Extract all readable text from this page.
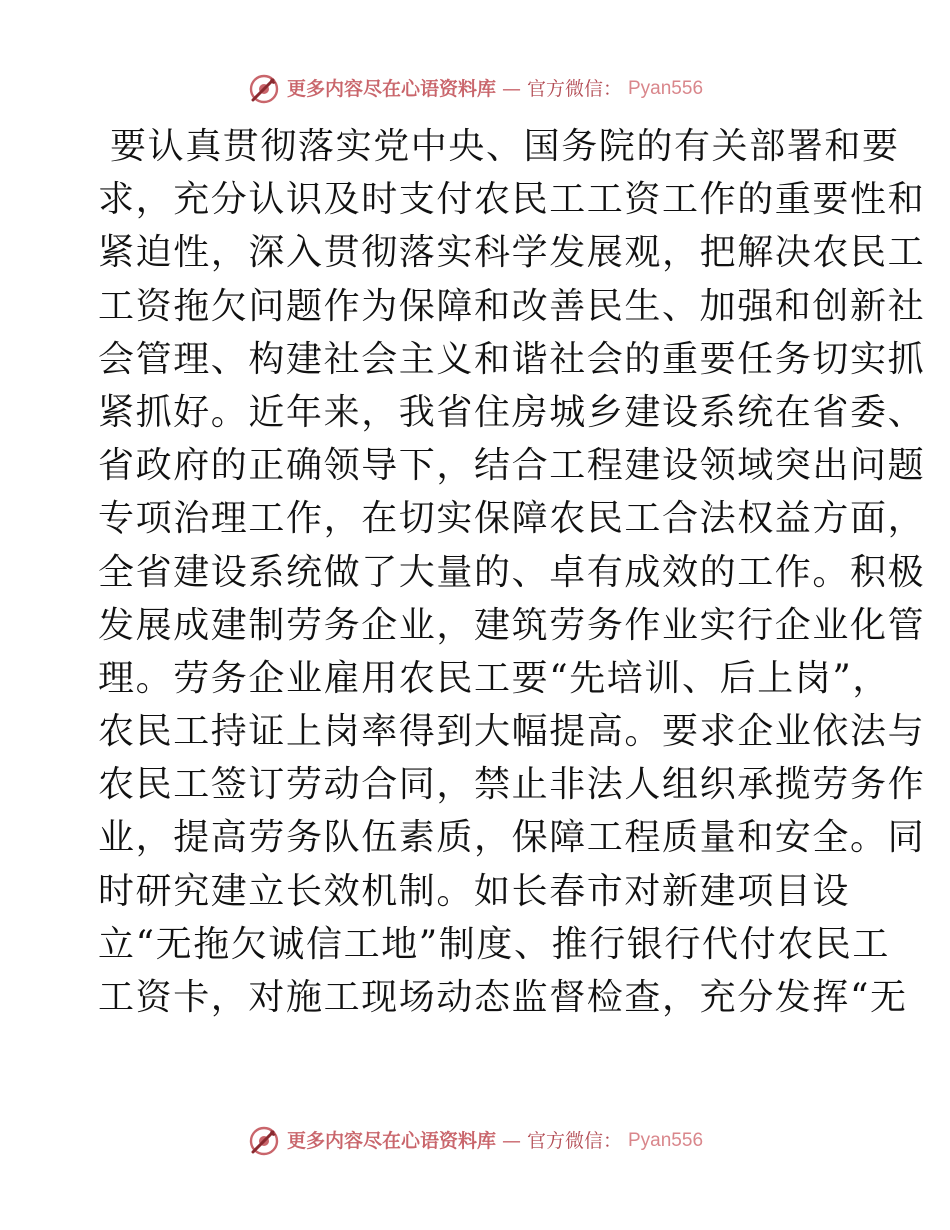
更多内容尽在心语资料库 — 官方微信： Pyan556
要认真贯彻落实党中央、国务院的有关部署和要
求，充分认识及时支付农民工工资工作的重要性和
紧迫性，深入贯彻落实科学发展观，把解决农民工
工资拖欠问题作为保障和改善民生、加强和创新社
会管理、构建社会主义和谐社会的重要任务切实抓
紧抓好。近年来，我省住房城乡建设系统在省委、
省政府的正确领导下，结合工程建设领域突出问题
专项治理工作，在切实保障农民工合法权益方面，
全省建设系统做了大量的、卓有成效的工作。积极
发展成建制劳务企业，建筑劳务作业实行企业化管
理。劳务企业雇用农民工要“先培训、后上岗”，
农民工持证上岗率得到大幅提高。要求企业依法与
农民工签订劳动合同，禁止非法人组织承揽劳务作
业，提高劳务队伍素质，保障工程质量和安全。同
时研究建立长效机制。如长春市对新建项目设
立“无拖欠诚信工地”制度、推行银行代付农民工
工资卡，对施工现场动态监督检查，充分发挥“无
更多内容尽在心语资料库 — 官方微信： Pyan556
